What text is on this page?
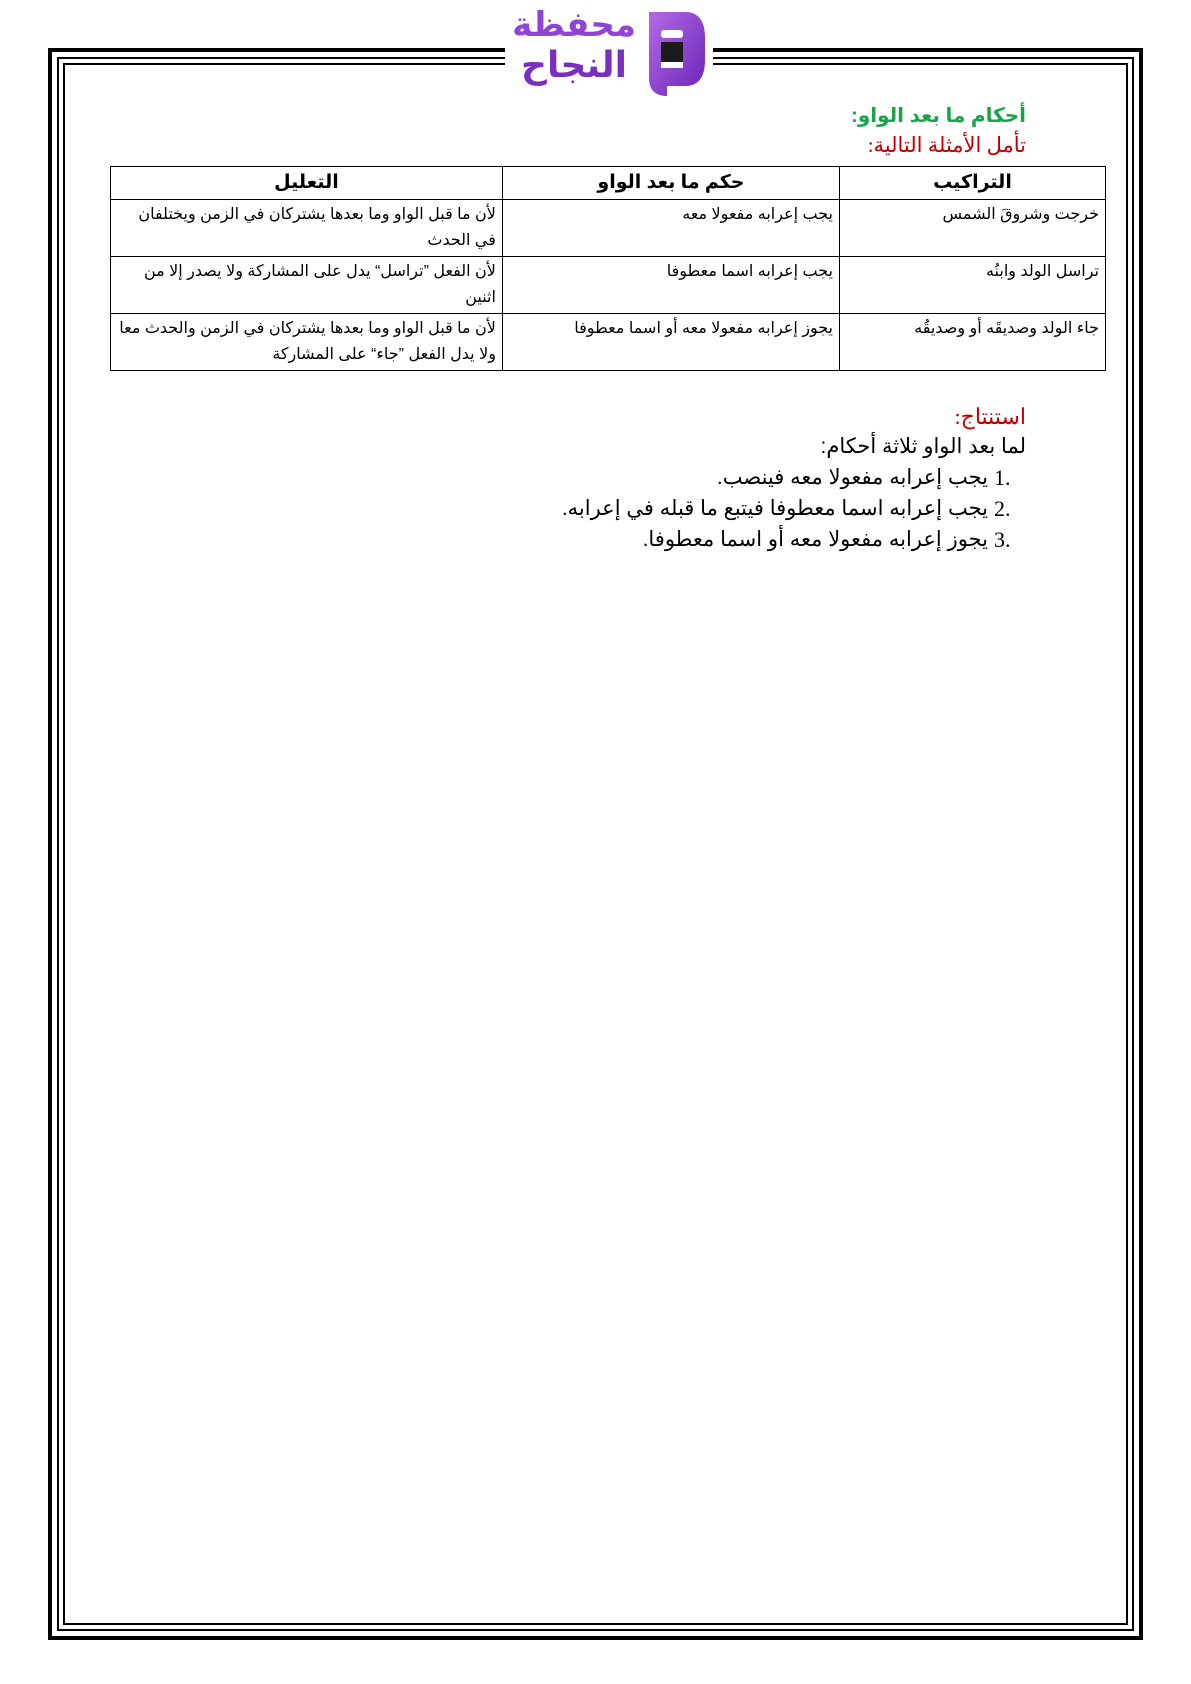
محفظة
النجاح
أحكام ما بعد الواو:
تأمل الأمثلة التالية:
التراكيب	حكم ما بعد الواو	التعليل
خرجت وشروقَ الشمس	يجب إعرابه مفعولا معه	لأن ما قبل الواو وما بعدها يشتركان في الزمن ويختلفان في الحدث
تراسل الولد وابنُه	يجب إعرابه اسما معطوفا	لأن الفعل ”تراسل“ يدل على المشاركة ولا يصدر إلا من اثنين
جاء الولد وصديقَه أو وصديقُه	يجوز إعرابه مفعولا معه أو اسما معطوفا	لأن ما قبل الواو وما بعدها يشتركان في الزمن والحدث معا ولا يدل الفعل ”جاء“ على المشاركة
استنتاج:
لما بعد الواو ثلاثة أحكام:
1.
يجب إعرابه مفعولا معه فينصب.
2.
يجب إعرابه اسما معطوفا فيتبع ما قبله في إعرابه.
3.
يجوز إعرابه مفعولا معه أو اسما معطوفا.
